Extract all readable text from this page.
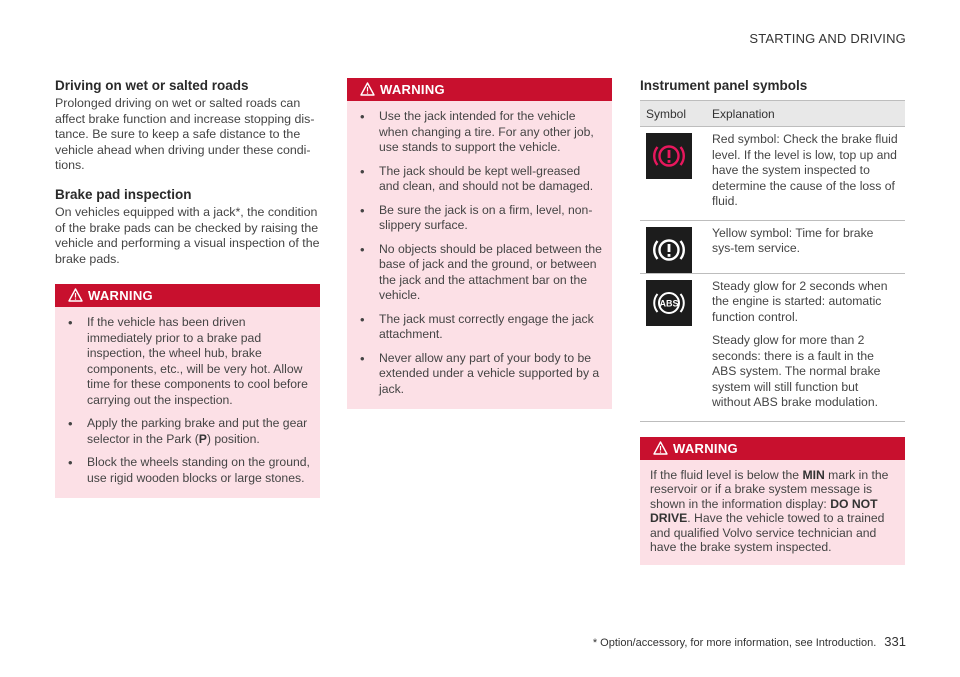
STARTING AND DRIVING
Driving on wet or salted roads

Prolonged driving on wet or salted roads can affect brake function and increase stopping dis-tance. Be sure to keep a safe distance to the vehicle ahead when driving under these condi-tions.

Brake pad inspection

On vehicles equipped with a jack*, the condition of the brake pads can be checked by raising the vehicle and performing a visual inspection of the brake pads.

WARNING
• If the vehicle has been driven immediately prior to a brake pad inspection, the wheel hub, brake components, etc., will be very hot. Allow time for these components to cool before carrying out the inspection.
• Apply the parking brake and put the gear selector in the Park (P) position.
• Block the wheels standing on the ground, use rigid wooden blocks or large stones.
WARNING
• Use the jack intended for the vehicle when changing a tire. For any other job, use stands to support the vehicle.
• The jack should be kept well-greased and clean, and should not be damaged.
• Be sure the jack is on a firm, level, non-slippery surface.
• No objects should be placed between the base of jack and the ground, or between the jack and the attachment bar on the vehicle.
• The jack must correctly engage the jack attachment.
• Never allow any part of your body to be extended under a vehicle supported by a jack.
Instrument panel symbols
Symbol	Explanation

Red symbol: Check the brake fluid level. If the level is low, top up and have the system inspected to determine the cause of the loss of fluid.

Yellow symbol: Time for brake sys-tem service.

ABS	Steady glow for 2 seconds when the engine is started: automatic function control.

Steady glow for more than 2 seconds: there is a fault in the ABS system. The normal brake system will still function but without ABS brake modulation.

WARNING
If the fluid level is below the MIN mark in the reservoir or if a brake system message is shown in the information display: DO NOT DRIVE. Have the vehicle towed to a trained and qualified Volvo service technician and have the brake system inspected.
* Option/accessory, for more information, see Introduction. 331
